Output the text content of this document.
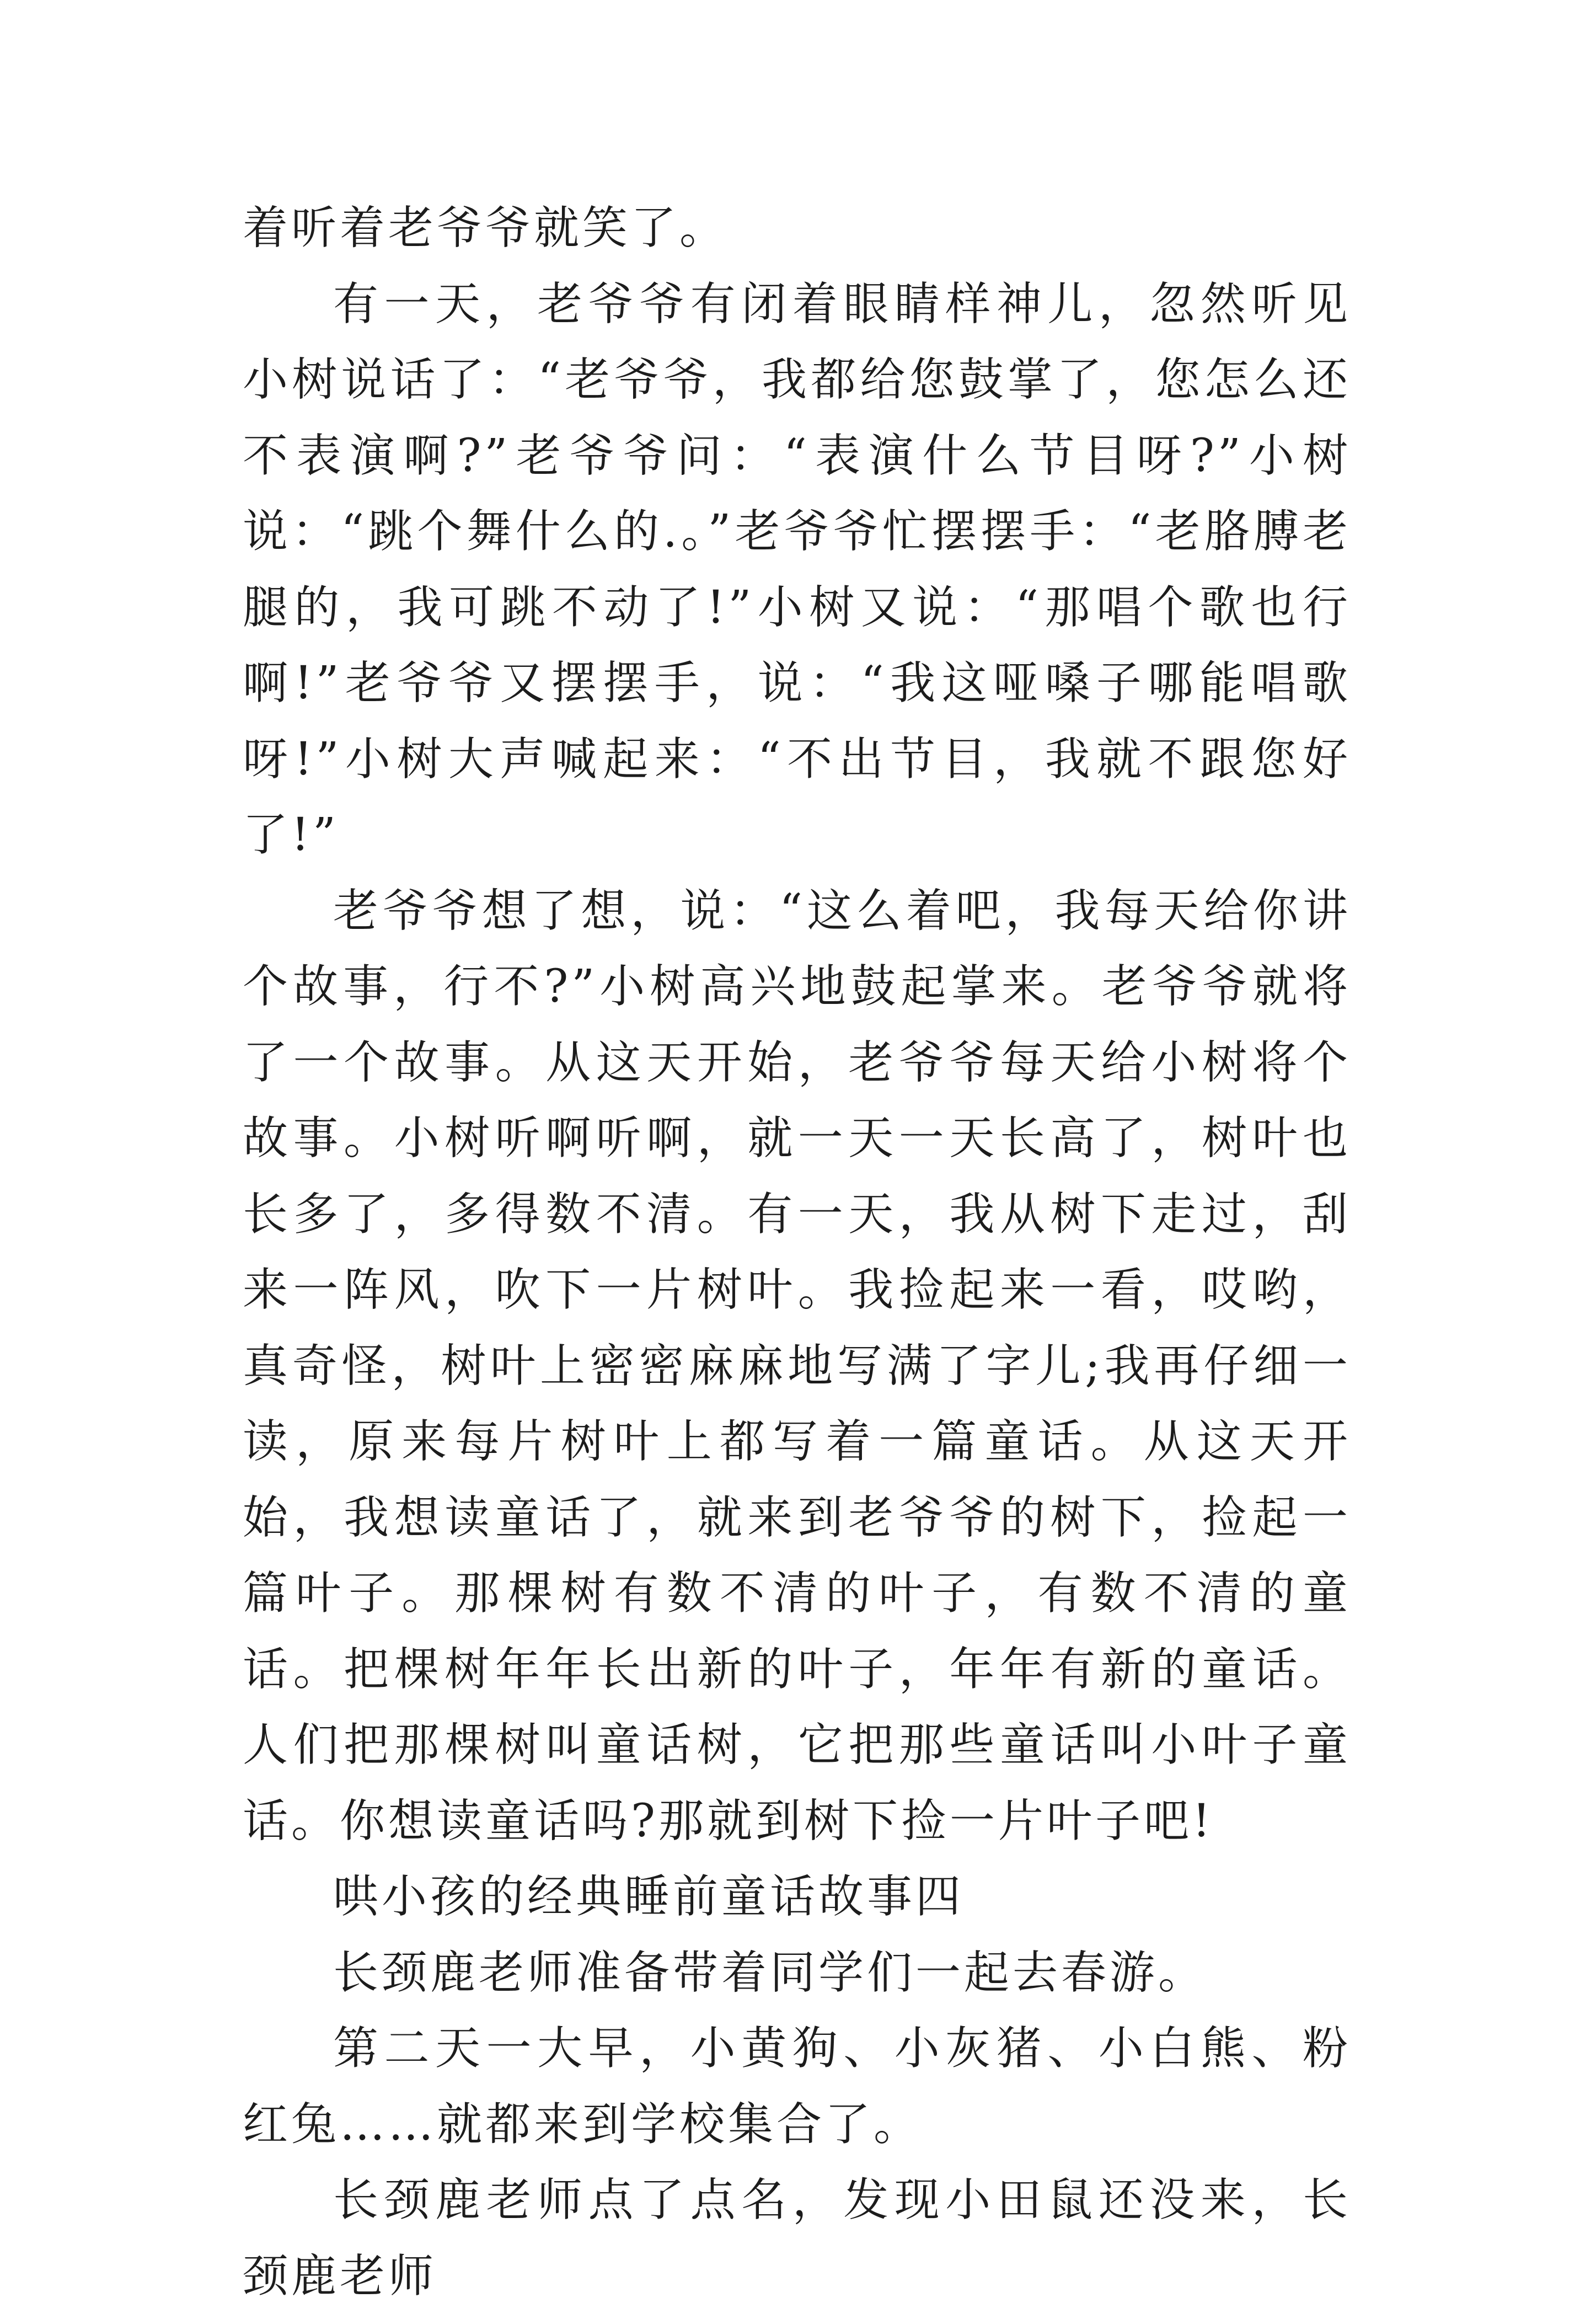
着听着老爷爷就笑了。

有一天，老爷爷有闭着眼睛样神儿，忽然听见小树说话了：“老爷爷，我都给您鼓掌了，您怎么还不表演啊?”老爷爷问：“表演什么节目呀?”小树说：“跳个舞什么的.。”老爷爷忙摆摆手：“老胳膊老腿的，我可跳不动了!”小树又说：“那唱个歌也行啊!”老爷爷又摆摆手，说：“我这哑嗓子哪能唱歌呀!”小树大声喊起来：“不出节目，我就不跟您好了!”

老爷爷想了想，说：“这么着吧，我每天给你讲个故事，行不?”小树高兴地鼓起掌来。老爷爷就将了一个故事。从这天开始，老爷爷每天给小树将个故事。小树听啊听啊，就一天一天长高了，树叶也长多了，多得数不清。有一天，我从树下走过，刮来一阵风，吹下一片树叶。我捡起来一看，哎哟，真奇怪，树叶上密密麻麻地写满了字儿;我再仔细一读，原来每片树叶上都写着一篇童话。从这天开始，我想读童话了，就来到老爷爷的树下，捡起一篇叶子。那棵树有数不清的叶子，有数不清的童话。把棵树年年长出新的叶子，年年有新的童话。人们把那棵树叫童话树，它把那些童话叫小叶子童话。你想读童话吗?那就到树下捡一片叶子吧!

哄小孩的经典睡前童话故事四

长颈鹿老师准备带着同学们一起去春游。

第二天一大早，小黄狗、小灰猪、小白熊、粉红兔……就都来到学校集合了。

长颈鹿老师点了点名，发现小田鼠还没来，长颈鹿老师
